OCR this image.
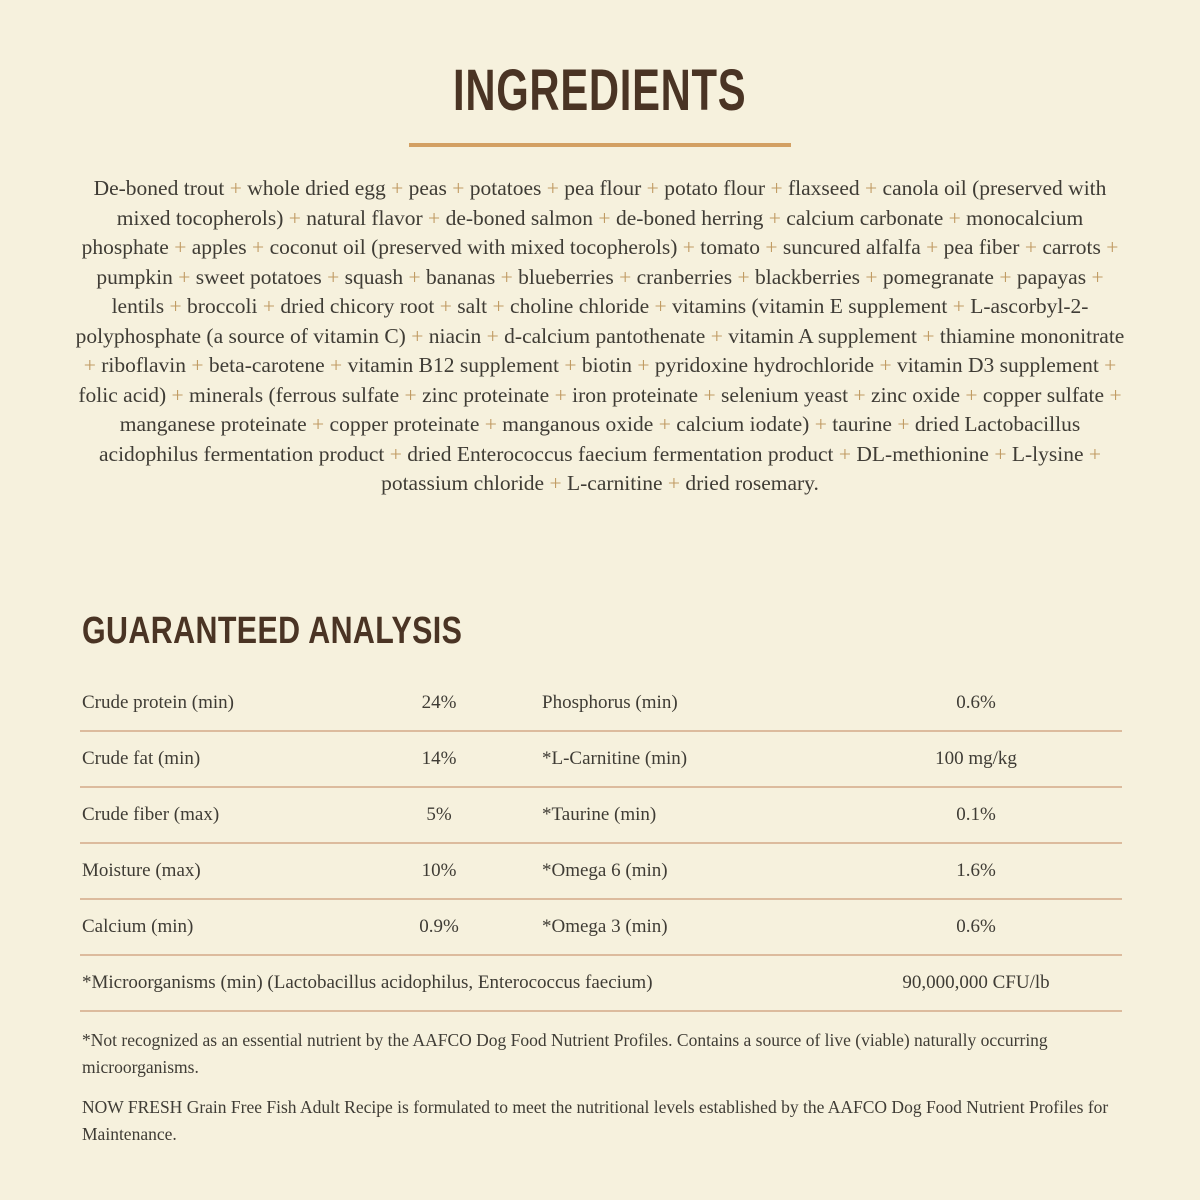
INGREDIENTS

De-boned trout + whole dried egg + peas + potatoes + pea flour + potato flour + flaxseed + canola oil (preserved with mixed tocopherols) + natural flavor + de-boned salmon + de-boned herring + calcium carbonate + monocalcium phosphate + apples + coconut oil (preserved with mixed tocopherols) + tomato + suncured alfalfa + pea fiber + carrots + pumpkin + sweet potatoes + squash + bananas + blueberries + cranberries + blackberries + pomegranate + papayas + lentils + broccoli + dried chicory root + salt + choline chloride + vitamins (vitamin E supplement + L-ascorbyl-2-polyphosphate (a source of vitamin C) + niacin + d-calcium pantothenate + vitamin A supplement + thiamine mononitrate + riboflavin + beta-carotene + vitamin B12 supplement + biotin + pyridoxine hydrochloride + vitamin D3 supplement + folic acid) + minerals (ferrous sulfate + zinc proteinate + iron proteinate + selenium yeast + zinc oxide + copper sulfate + manganese proteinate + copper proteinate + manganous oxide + calcium iodate) + taurine + dried Lactobacillus acidophilus fermentation product + dried Enterococcus faecium fermentation product + DL-methionine + L-lysine + potassium chloride + L-carnitine + dried rosemary.

GUARANTEED ANALYSIS
Crude protein (min)	24%	Phosphorus (min)	0.6%
Crude fat (min)	14%	*L-Carnitine (min)	100 mg/kg
Crude fiber (max)	5%	*Taurine (min)	0.1%
Moisture (max)	10%	*Omega 6 (min)	1.6%
Calcium (min)	0.9%	*Omega 3 (min)	0.6%
*Microorganisms (min) (Lactobacillus acidophilus, Enterococcus faecium)	90,000,000 CFU/lb

*Not recognized as an essential nutrient by the AAFCO Dog Food Nutrient Profiles. Contains a source of live (viable) naturally occurring microorganisms.

NOW FRESH Grain Free Fish Adult Recipe is formulated to meet the nutritional levels established by the AAFCO Dog Food Nutrient Profiles for Maintenance.
